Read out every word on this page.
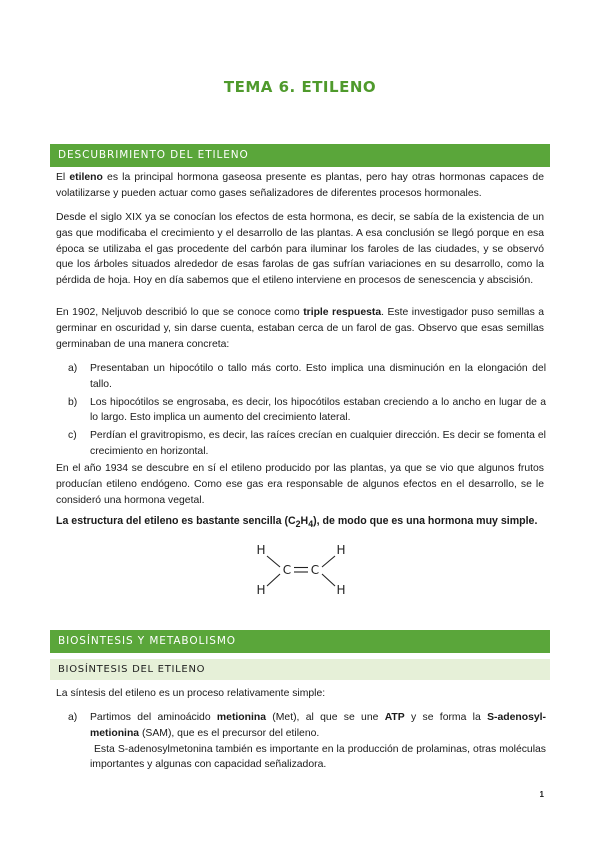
TEMA 6. ETILENO
DESCUBRIMIENTO DEL ETILENO

El etileno es la principal hormona gaseosa presente es plantas, pero hay otras hormonas capaces de volatilizarse y pueden actuar como gases señalizadores de diferentes procesos hormonales.

Desde el siglo XIX ya se conocían los efectos de esta hormona, es decir, se sabía de la existencia de un gas que modificaba el crecimiento y el desarrollo de las plantas. A esa conclusión se llegó porque en esa época se utilizaba el gas procedente del carbón para iluminar los faroles de las ciudades, y se observó que los árboles situados alrededor de esas farolas de gas sufrían variaciones en su desarrollo, como la pérdida de hoja. Hoy en día sabemos que el etileno interviene en procesos de senescencia y abscisión.

En 1902, Neljuvob describió lo que se conoce como triple respuesta. Este investigador puso semillas a germinar en oscuridad y, sin darse cuenta, estaban cerca de un farol de gas. Observo que esas semillas germinaban de una manera concreta:

a) Presentaban un hipocótilo o tallo más corto. Esto implica una disminución en la elongación del tallo.
b) Los hipocótilos se engrosaba, es decir, los hipocótilos estaban creciendo a lo ancho en lugar de a lo largo. Esto implica un aumento del crecimiento lateral.
c) Perdían el gravitropismo, es decir, las raíces crecían en cualquier dirección. Es decir se fomenta el crecimiento en horizontal.

En el año 1934 se descubre en sí el etileno producido por las plantas, ya que se vio que algunos frutos producían etileno endógeno. Como ese gas era responsable de algunos efectos en el desarrollo, se le consideró una hormona vegetal.

La estructura del etileno es bastante sencilla $(C_2H_4)$, de modo que es una hormona muy simple.

H
H
H
H
C C
BIOSÍNTESIS Y METABOLISMO
BIOSÍNTESIS DEL ETILENO

La síntesis del etileno es un proceso relativamente simple:

a) Partimos del aminoácido metionina (Met), al que se une ATP y se forma la S-adenosyl-metionina (SAM), que es el precursor del etileno.
Esta S-adenosylmetonina también es importante en la producción de prolaminas, otras moléculas importantes y algunas con capacidad señalizadora.
1
